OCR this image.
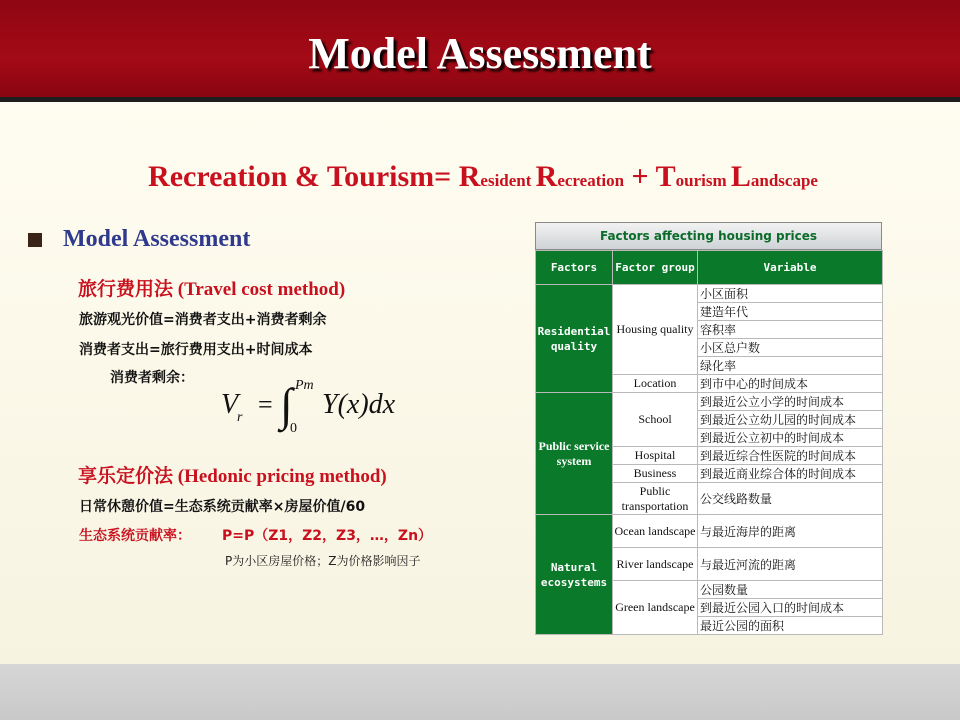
Model Assessment
Recreation & Tourism= Resident Recreation + Tourism Landscape
Model Assessment
旅行费用法 (Travel cost method)
旅游观光价值=消费者支出+消费者剩余
消费者支出=旅行费用支出+时间成本
消费者剩余：
V
r = ∫ Pm
0
Y(x)dx
享乐定价法 (Hedonic pricing method)
日常休憩价值=生态系统贡献率×房屋价值/60
生态系统贡献率： P=P（Z1，Z2，Z3，…，Zn）
P为小区房屋价格；Z为价格影响因子
Factors affecting housing prices
Factors	Factor group	Variable
Residential quality	Housing quality	小区面积
		建造年代
		容积率
		小区总户数
		绿化率
	Location	到市中心的时间成本
Public service system	School	到最近公立小学的时间成本
		到最近公立幼儿园的时间成本
		到最近公立初中的时间成本
	Hospital	到最近综合性医院的时间成本
	Business	到最近商业综合体的时间成本
	Public transportation	公交线路数量

Natural ecosystems	Ocean landscape	与最近海岸的距离

	River landscape	与最近河流的距离

	Green landscape	公园数量
		到最近公园入口的时间成本
		最近公园的面积
